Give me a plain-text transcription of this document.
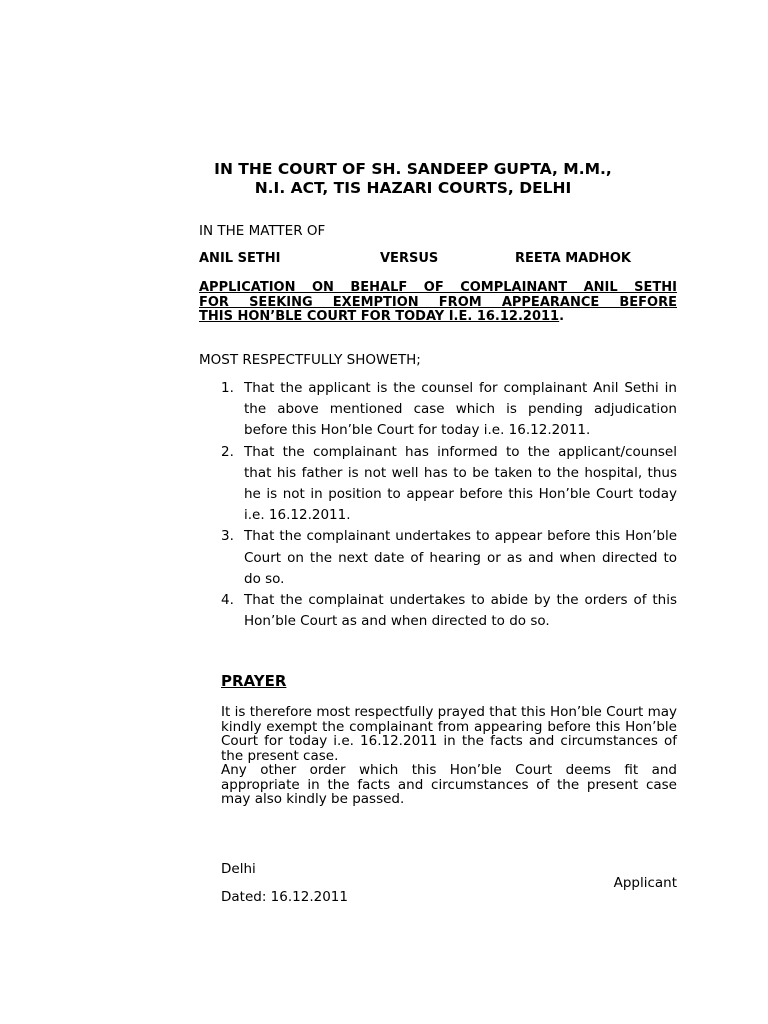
IN THE COURT OF SH. SANDEEP GUPTA, M.M.,
N.I. ACT, TIS HAZARI COURTS, DELHI
IN THE MATTER OF
ANIL SETHI	VERSUS	REETA MADHOK
APPLICATION ON BEHALF OF COMPLAINANT ANIL SETHI
FOR SEEKING EXEMPTION FROM APPEARANCE BEFORE
THIS HON’BLE COURT FOR TODAY I.E. 16.12.2011.
MOST RESPECTFULLY SHOWETH;
1. That the applicant is the counsel for complainant Anil Sethi in the above mentioned case which is pending adjudication before this Hon’ble Court for today i.e. 16.12.2011.
2. That the complainant has informed to the applicant/counsel that his father is not well has to be taken to the hospital, thus he is not in position to appear before this Hon’ble Court today i.e. 16.12.2011.
3. That the complainant undertakes to appear before this Hon’ble Court on the next date of hearing or as and when directed to do so.
4. That the complainat undertakes to abide by the orders of this Hon’ble Court as and when directed to do so.
PRAYER

It is therefore most respectfully prayed that this Hon’ble Court may kindly exempt the complainant from appearing before this Hon’ble Court for today i.e. 16.12.2011 in the facts and circumstances of the present case.

Any other order which this Hon’ble Court deems fit and appropriate in the facts and circumstances of the present case may also kindly be passed.

Delhi
Applicant
Dated: 16.12.2011
